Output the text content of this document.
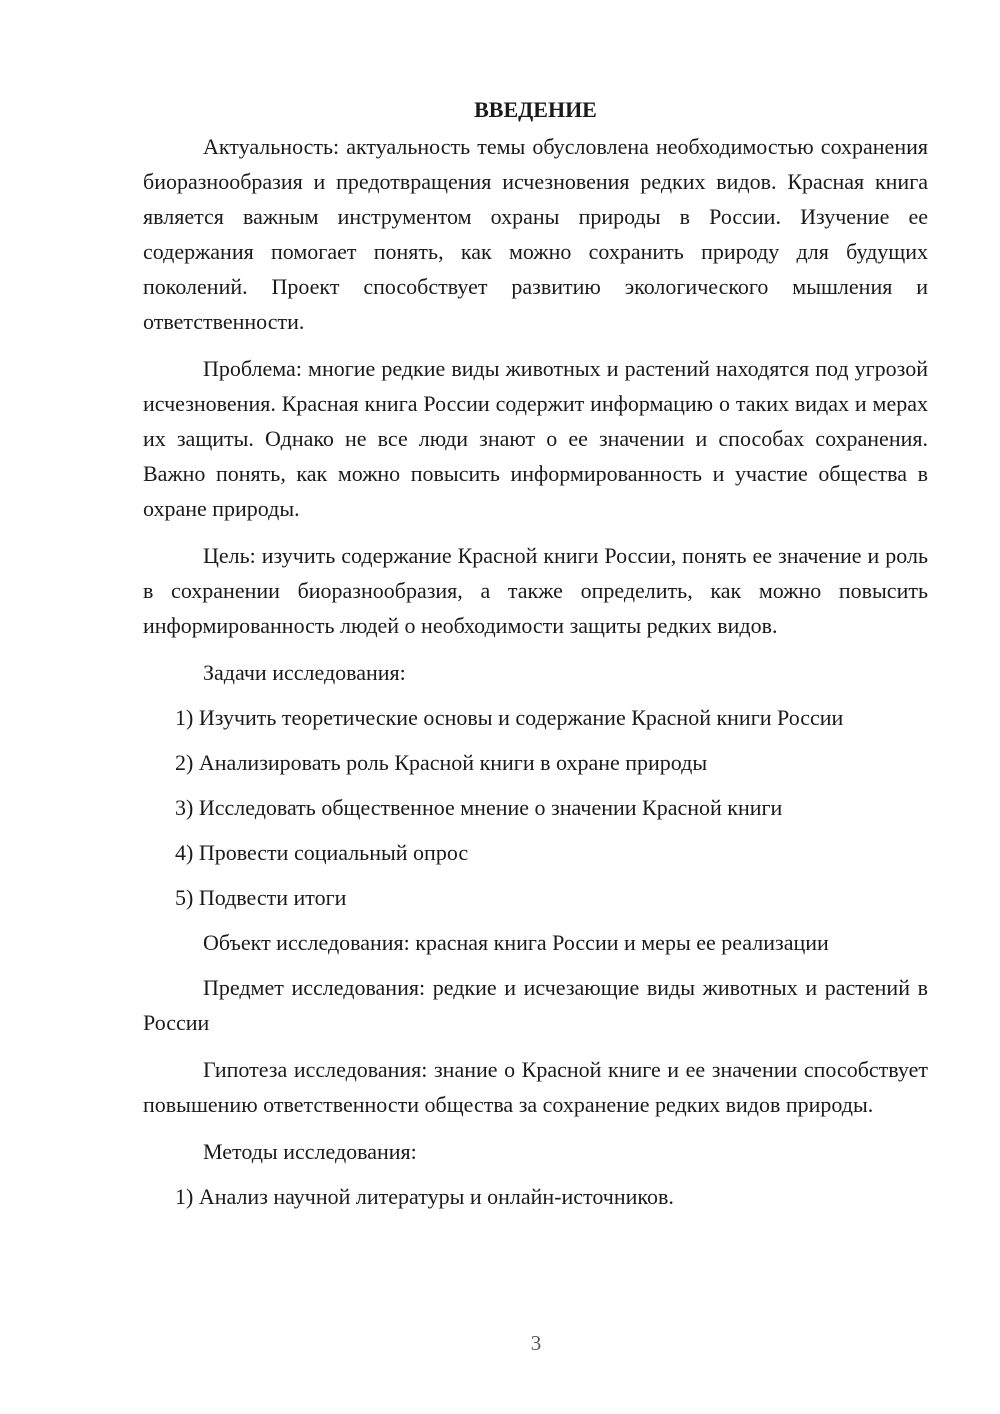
ВВЕДЕНИЕ

Актуальность: актуальность темы обусловлена необходимостью сохранения биоразнообразия и предотвращения исчезновения редких видов. Красная книга является важным инструментом охраны природы в России. Изучение ее содержания помогает понять, как можно сохранить природу для будущих поколений. Проект способствует развитию экологического мышления и ответственности.

Проблема: многие редкие виды животных и растений находятся под угрозой исчезновения. Красная книга России содержит информацию о таких видах и мерах их защиты. Однако не все люди знают о ее значении и способах сохранения. Важно понять, как можно повысить информированность и участие общества в охране природы.

Цель: изучить содержание Красной книги России, понять ее значение и роль в сохранении биоразнообразия, а также определить, как можно повысить информированность людей о необходимости защиты редких видов.

Задачи исследования:

1) Изучить теоретические основы и содержание Красной книги России
2) Анализировать роль Красной книги в охране природы
3) Исследовать общественное мнение о значении Красной книги
4) Провести социальный опрос
5) Подвести итоги

Объект исследования: красная книга России и меры ее реализации

Предмет исследования: редкие и исчезающие виды животных и растений в России

Гипотеза исследования: знание о Красной книге и ее значении способствует повышению ответственности общества за сохранение редких видов природы.

Методы исследования:

1) Анализ научной литературы и онлайн-источников.
3
